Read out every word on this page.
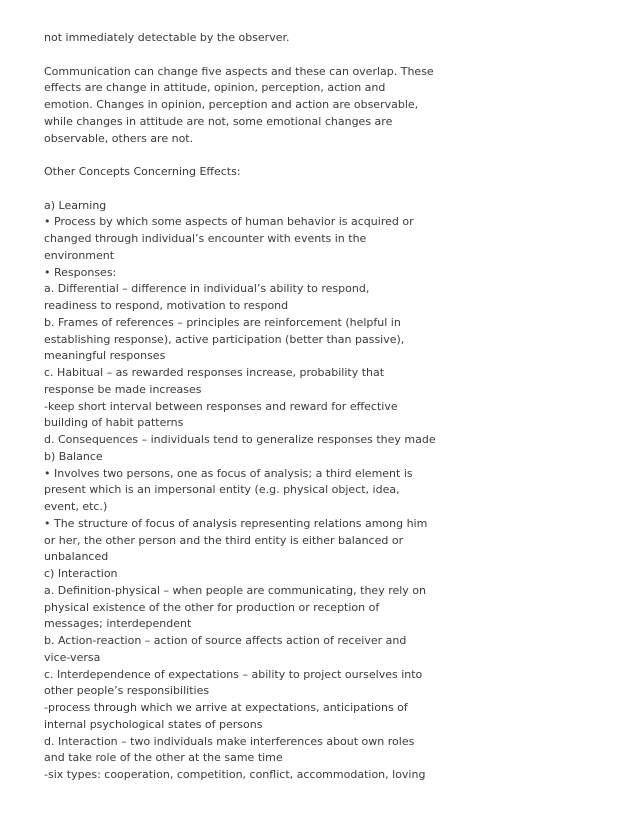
not immediately detectable by the observer.
Communication can change five aspects and these can overlap. These
effects are change in attitude, opinion, perception, action and
emotion. Changes in opinion, perception and action are observable,
while changes in attitude are not, some emotional changes are
observable, others are not.
Other Concepts Concerning Effects:
a) Learning
• Process by which some aspects of human behavior is acquired or
changed through individual’s encounter with events in the
environment
• Responses:
a. Differential – difference in individual’s ability to respond,
readiness to respond, motivation to respond
b. Frames of references – principles are reinforcement (helpful in
establishing response), active participation (better than passive),
meaningful responses
c. Habitual – as rewarded responses increase, probability that
response be made increases
-keep short interval between responses and reward for effective
building of habit patterns
d. Consequences – individuals tend to generalize responses they made
b) Balance
• Involves two persons, one as focus of analysis; a third element is
present which is an impersonal entity (e.g. physical object, idea,
event, etc.)
• The structure of focus of analysis representing relations among him
or her, the other person and the third entity is either balanced or
unbalanced
c) Interaction
a. Definition-physical – when people are communicating, they rely on
physical existence of the other for production or reception of
messages; interdependent
b. Action-reaction – action of source affects action of receiver and
vice-versa
c. Interdependence of expectations – ability to project ourselves into
other people’s responsibilities
-process through which we arrive at expectations, anticipations of
internal psychological states of persons
d. Interaction – two individuals make interferences about own roles
and take role of the other at the same time
-six types: cooperation, competition, conflict, accommodation, loving
